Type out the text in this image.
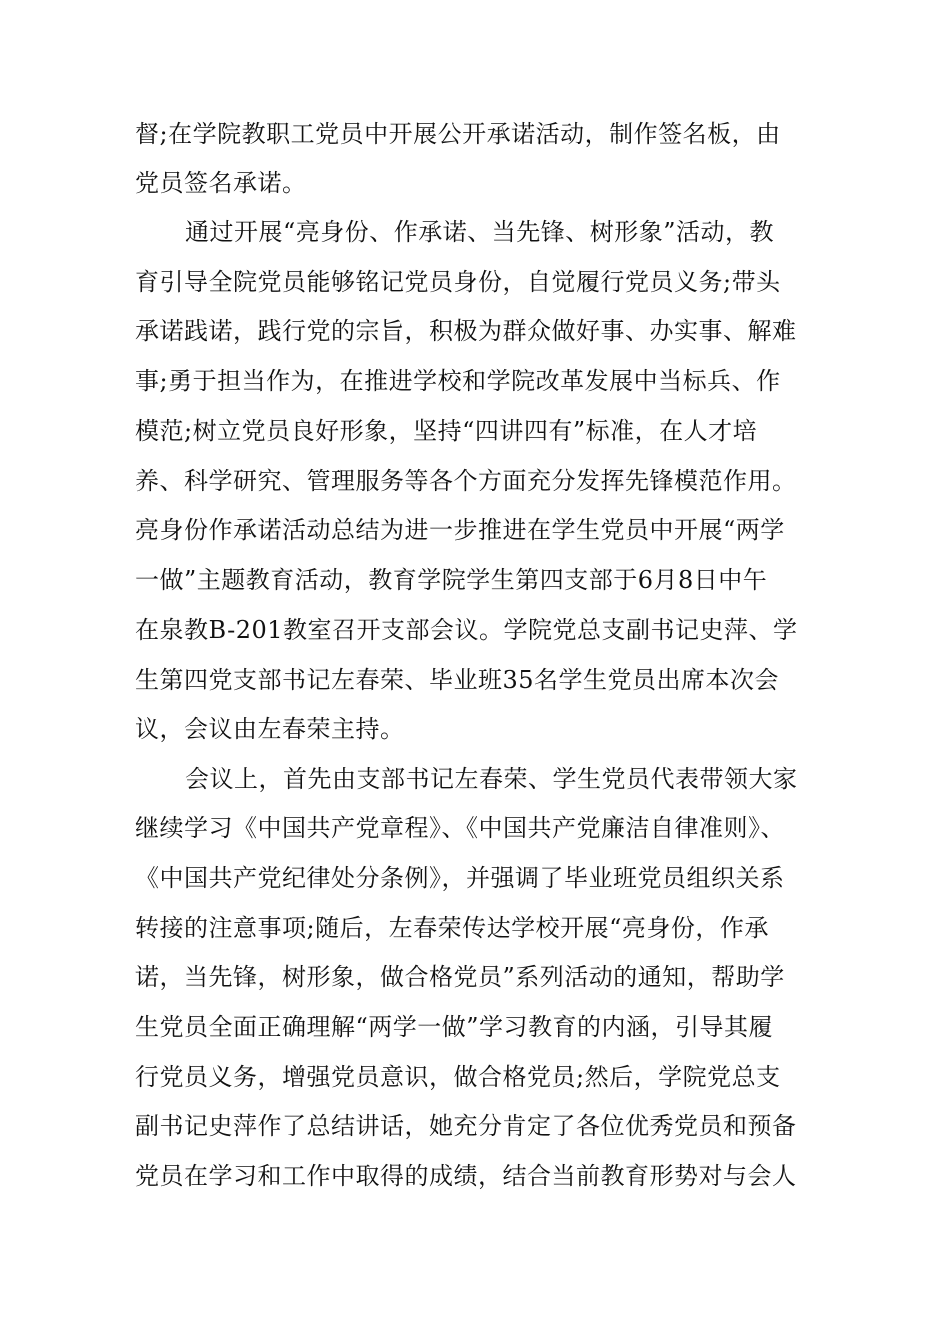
督;在学院教职工党员中开展公开承诺活动，制作签名板，由
党员签名承诺。
通过开展“亮身份、作承诺、当先锋、树形象”活动，教
育引导全院党员能够铭记党员身份，自觉履行党员义务;带头
承诺践诺，践行党的宗旨，积极为群众做好事、办实事、解难
事;勇于担当作为，在推进学校和学院改革发展中当标兵、作
模范;树立党员良好形象，坚持“四讲四有”标准，在人才培
养、科学研究、管理服务等各个方面充分发挥先锋模范作用。
亮身份作承诺活动总结为进一步推进在学生党员中开展“两学
一做”主题教育活动，教育学院学生第四支部于6月8日中午
在泉教B-201教室召开支部会议。学院党总支副书记史萍、学
生第四党支部书记左春荣、毕业班35名学生党员出席本次会
议，会议由左春荣主持。
会议上，首先由支部书记左春荣、学生党员代表带领大家
继续学习《中国共产党章程》、《中国共产党廉洁自律准则》、
《中国共产党纪律处分条例》，并强调了毕业班党员组织关系
转接的注意事项;随后，左春荣传达学校开展“亮身份，作承
诺，当先锋，树形象，做合格党员”系列活动的通知，帮助学
生党员全面正确理解“两学一做”学习教育的内涵，引导其履
行党员义务，增强党员意识，做合格党员;然后，学院党总支
副书记史萍作了总结讲话，她充分肯定了各位优秀党员和预备
党员在学习和工作中取得的成绩，结合当前教育形势对与会人
